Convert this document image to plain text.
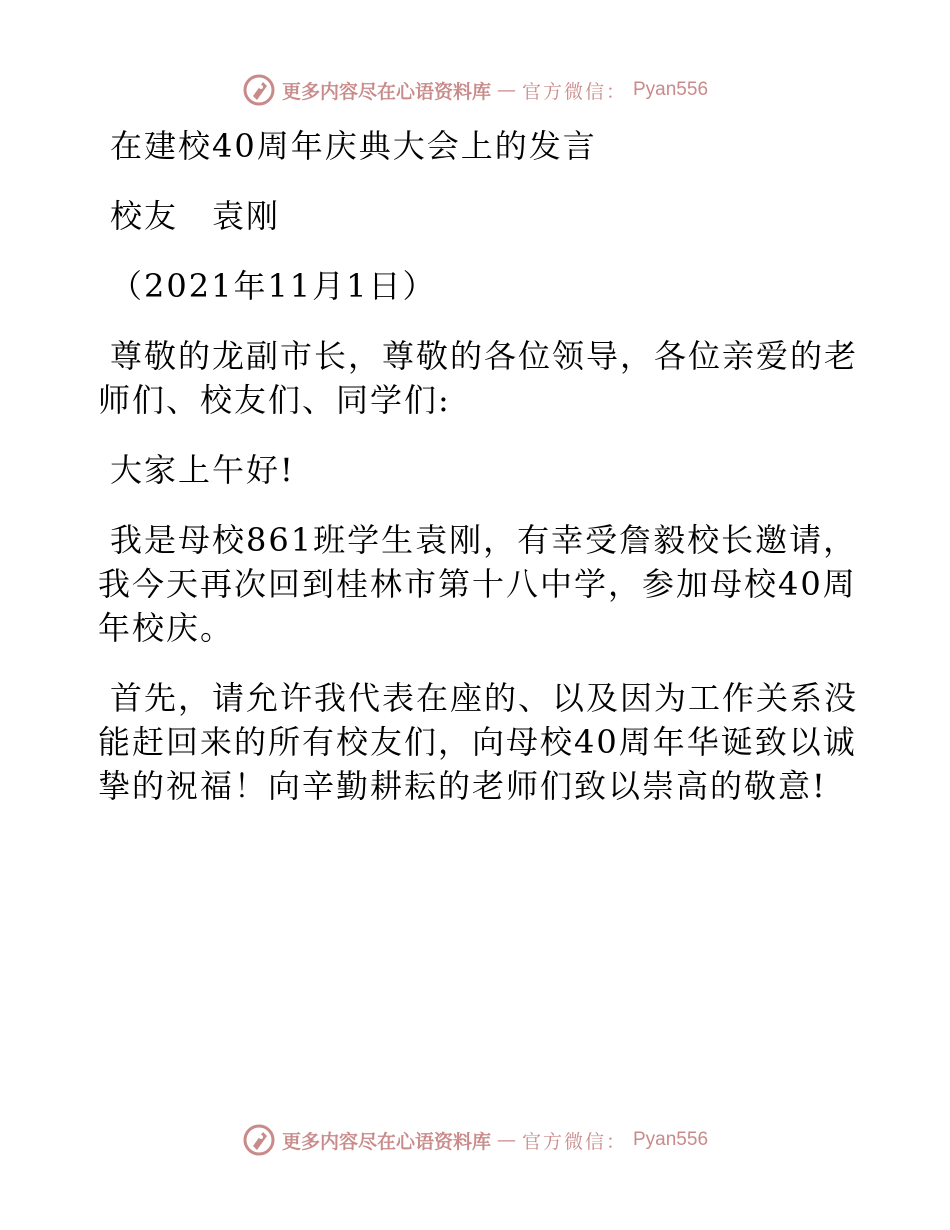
更多内容尽在心语资料库 — 官方微信： Pyan556

在建校40周年庆典大会上的发言

校友　袁刚

（2021年11月1日）

尊敬的龙副市长，尊敬的各位领导，各位亲爱的老师们、校友们、同学们:

大家上午好!

我是母校861班学生袁刚，有幸受詹毅校长邀请，我今天再次回到桂林市第十八中学，参加母校40周年校庆。

首先，请允许我代表在座的、以及因为工作关系没能赶回来的所有校友们，向母校40周年华诞致以诚挚的祝福！向辛勤耕耘的老师们致以崇高的敬意!

更多内容尽在心语资料库 — 官方微信： Pyan556
